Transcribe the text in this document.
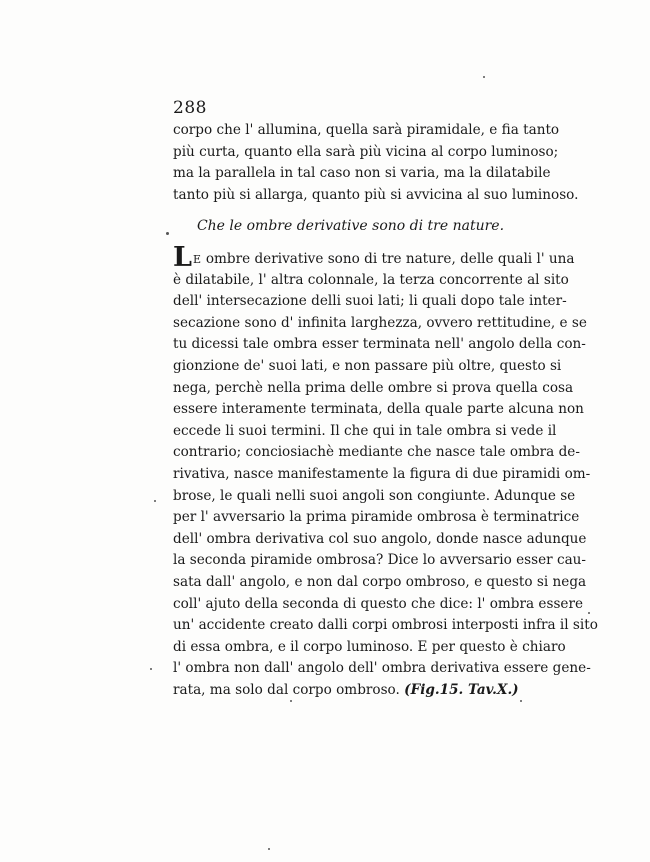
288
corpo che l' allumina, quella sarà piramidale, e fia tanto
più curta, quanto ella sarà più vicina al corpo luminoso;
ma la parallela in tal caso non si varia, ma la dilatabile
tanto più si allarga, quanto più si avvicina al suo luminoso.
Che le ombre derivative sono di tre nature.
LE ombre derivative sono di tre nature, delle quali l' una
è dilatabile, l' altra colonnale, la terza concorrente al sito
dell' intersecazione delli suoi lati; li quali dopo tale inter-
secazione sono d' infinita larghezza, ovvero rettitudine, e se
tu dicessi tale ombra esser terminata nell' angolo della con-
gionzione de' suoi lati, e non passare più oltre, questo si
nega, perchè nella prima delle ombre si prova quella cosa
essere interamente terminata, della quale parte alcuna non
eccede li suoi termini. Il che qui in tale ombra si vede il
contrario; conciosiachè mediante che nasce tale ombra de-
rivativa, nasce manifestamente la figura di due piramidi om-
brose, le quali nelli suoi angoli son congiunte. Adunque se
per l' avversario la prima piramide ombrosa è terminatrice
dell' ombra derivativa col suo angolo, donde nasce adunque
la seconda piramide ombrosa? Dice lo avversario esser cau-
sata dall' angolo, e non dal corpo ombroso, e questo si nega
coll' ajuto della seconda di questo che dice: l' ombra essere
un' accidente creato dalli corpi ombrosi interposti infra il sito
di essa ombra, e il corpo luminoso. E per questo è chiaro
l' ombra non dall' angolo dell' ombra derivativa essere gene-
rata, ma solo dal corpo ombroso. (Fig.15. Tav.X.)
